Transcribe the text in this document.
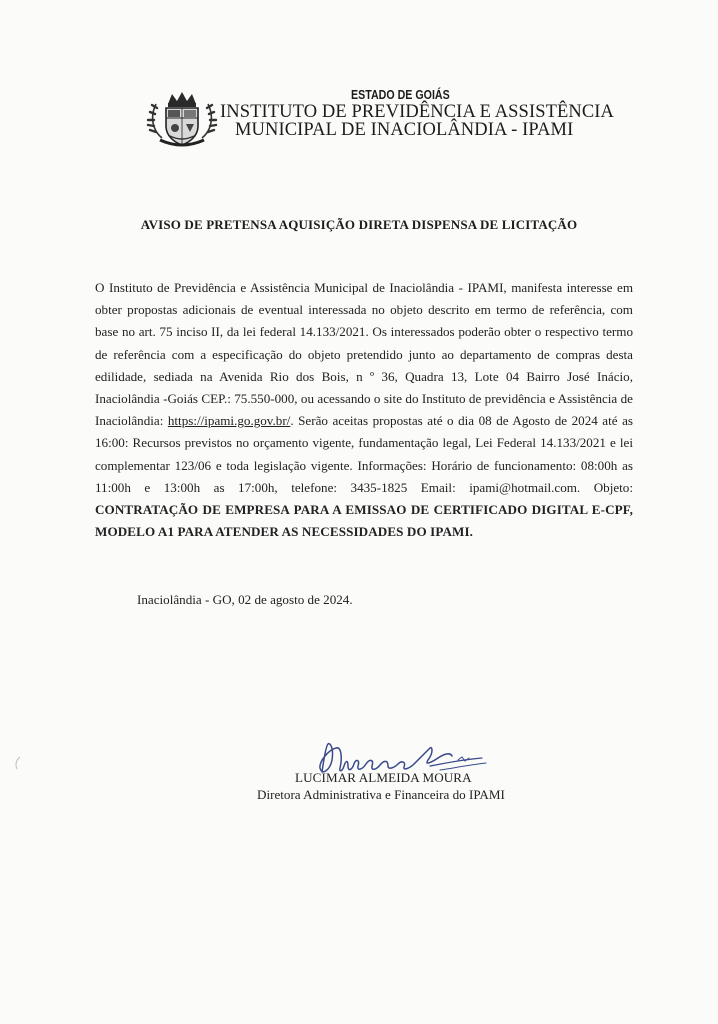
ESTADO DE GOIÁS
INSTITUTO DE PREVIDÊNCIA E ASSISTÊNCIA
MUNICIPAL DE INACIOLÂNDIA - IPAMI
AVISO DE PRETENSA AQUISIÇÃO DIRETA DISPENSA DE LICITAÇÃO
O Instituto de Previdência e Assistência Municipal de Inaciolândia - IPAMI, manifesta interesse em obter propostas adicionais de eventual interessada no objeto descrito em termo de referência, com base no art. 75 inciso II, da lei federal 14.133/2021. Os interessados poderão obter o respectivo termo de referência com a especificação do objeto pretendido junto ao departamento de compras desta edilidade, sediada na Avenida Rio dos Bois, n º 36, Quadra 13, Lote 04 Bairro José Inácio, Inaciolândia -Goiás CEP.: 75.550-000, ou acessando o site do Instituto de previdência e Assistência de Inaciolândia: https://ipami.go.gov.br/. Serão aceitas propostas até o dia 08 de Agosto de 2024 até as 16:00: Recursos previstos no orçamento vigente, fundamentação legal, Lei Federal 14.133/2021 e lei complementar 123/06 e toda legislação vigente. Informações: Horário de funcionamento: 08:00h as 11:00h e 13:00h as 17:00h, telefone: 3435-1825 Email: ipami@hotmail.com. Objeto: CONTRATAÇÃO DE EMPRESA PARA A EMISSAO DE CERTIFICADO DIGITAL E-CPF, MODELO A1 PARA ATENDER AS NECESSIDADES DO IPAMI.
Inaciolândia - GO, 02 de agosto de 2024.
LUCIMAR ALMEIDA MOURA
Diretora Administrativa e Financeira do IPAMI
